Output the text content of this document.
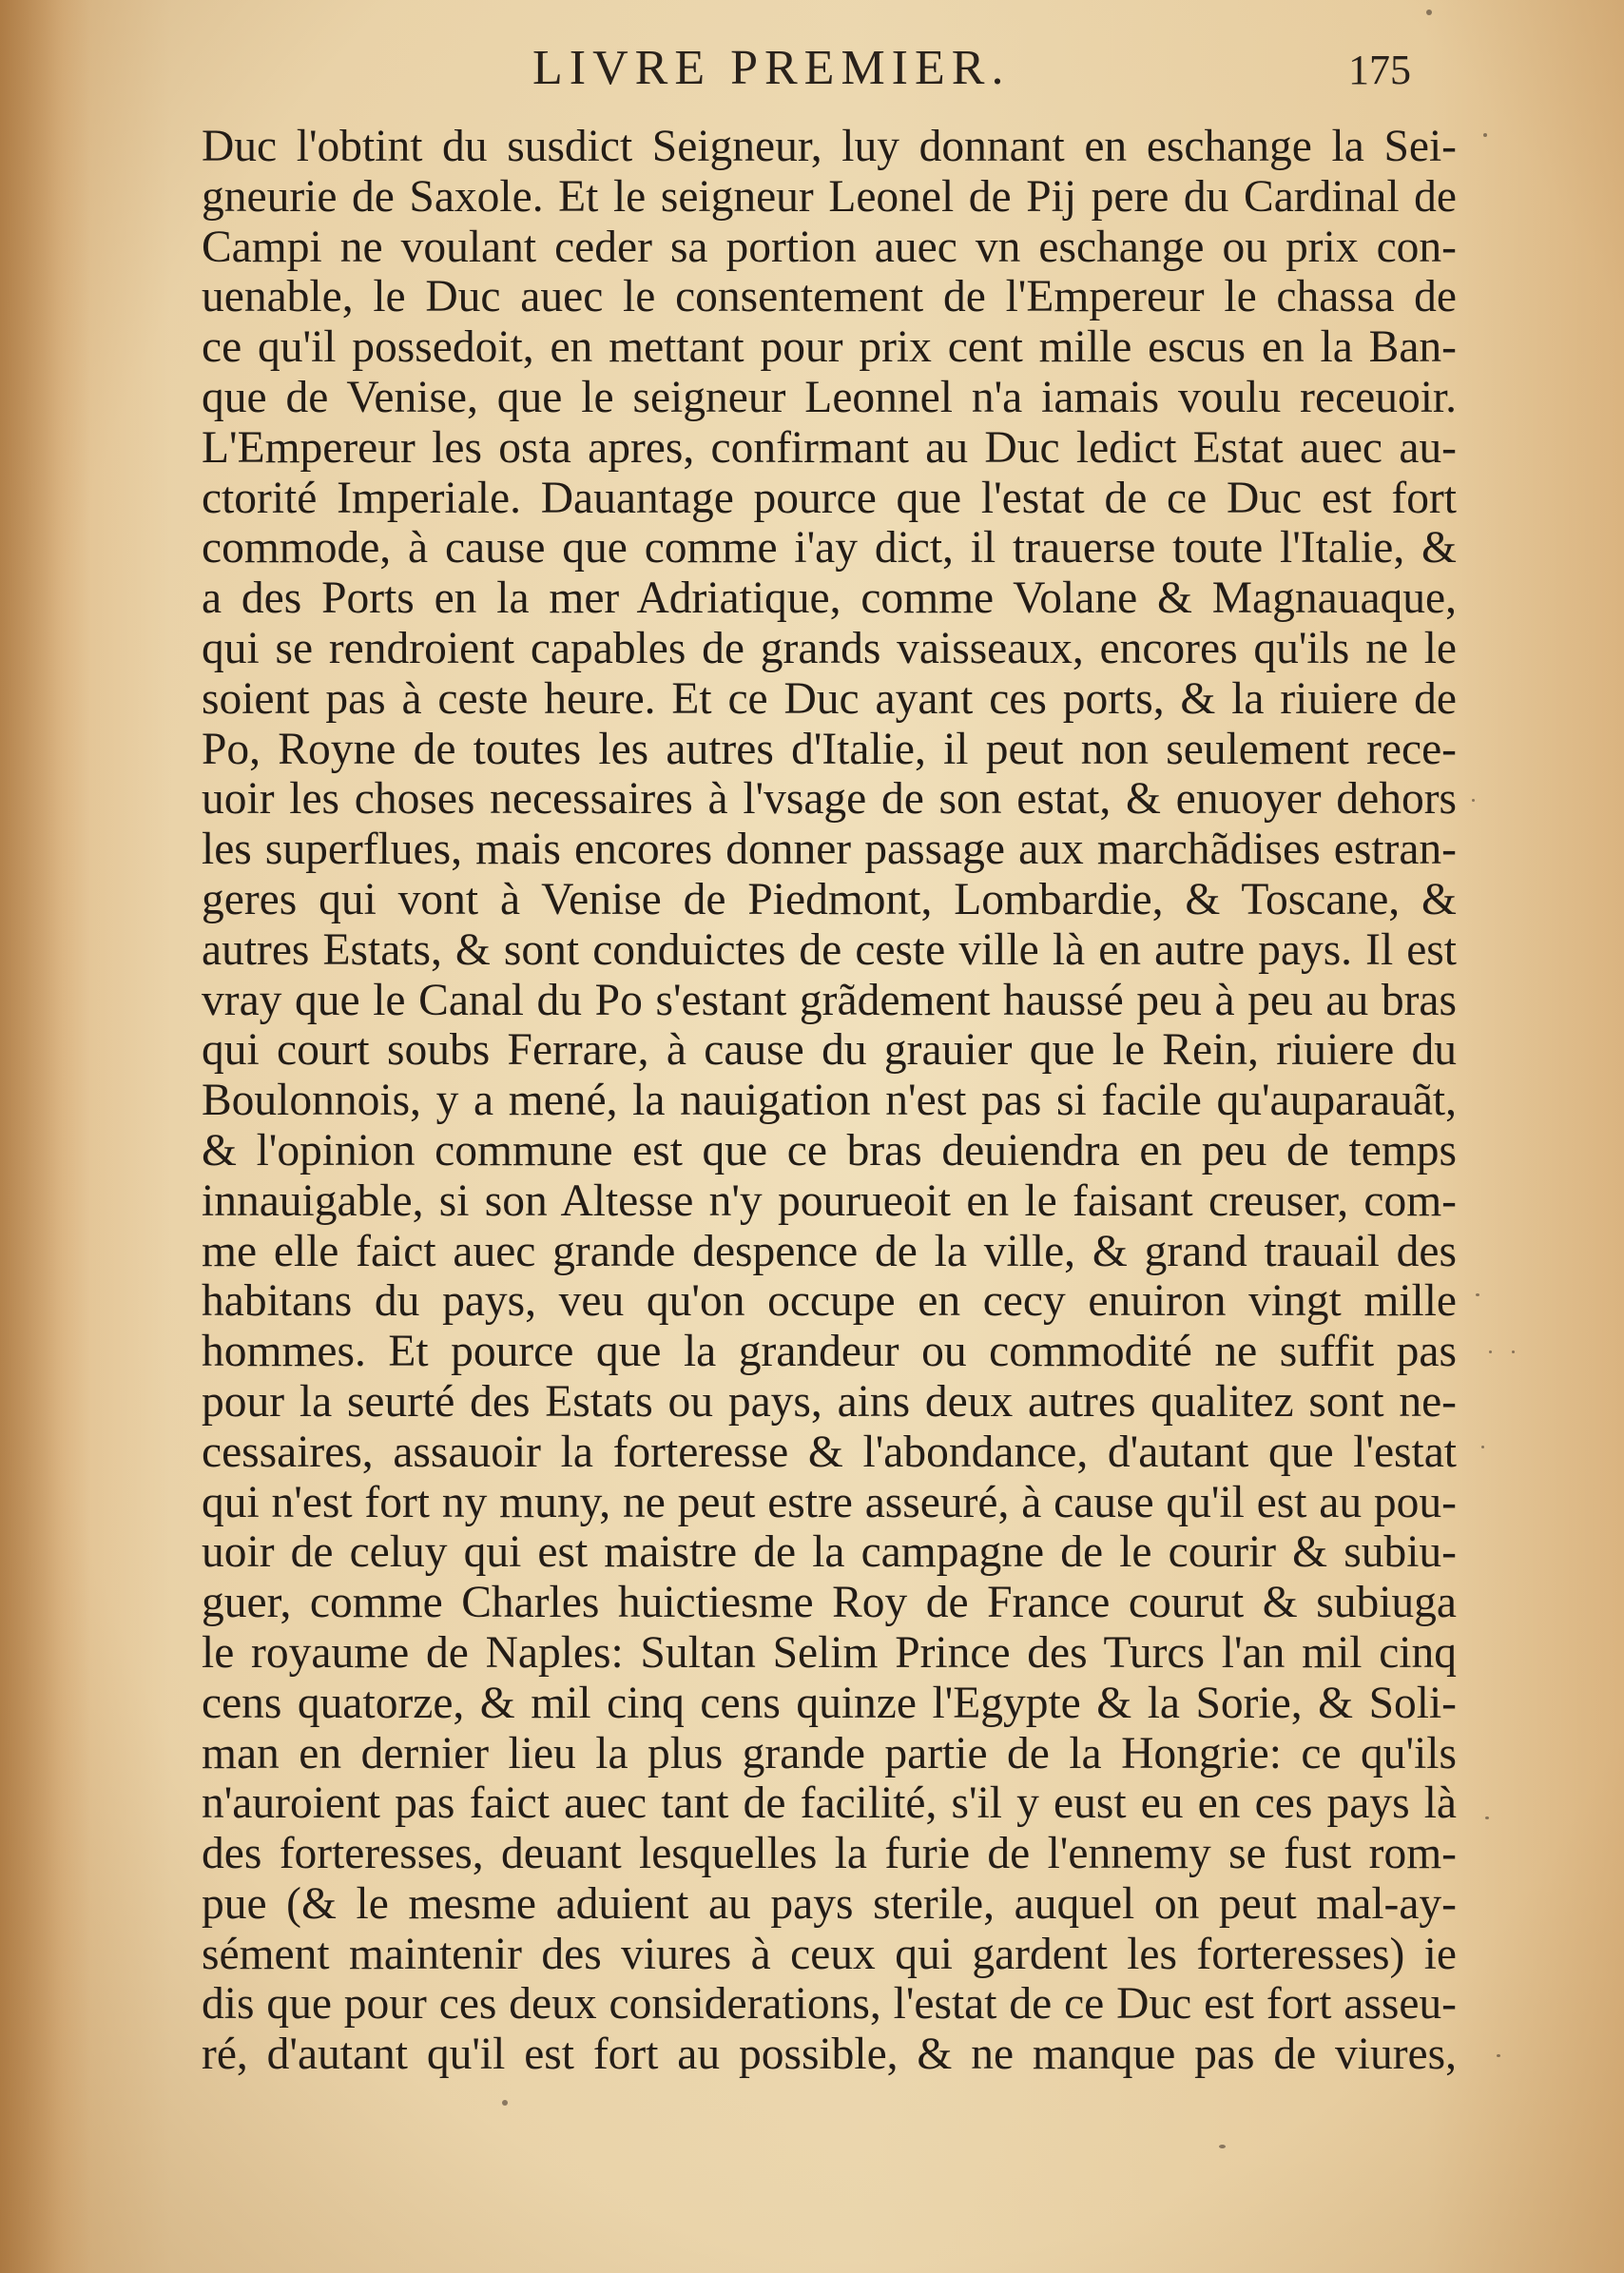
LIVRE PREMIER.	175
Duc l'obtint du susdict Seigneur, luy donnant en eschange la Sei-
gneurie de Saxole. Et le seigneur Leonel de Pij pere du Cardinal de
Campi ne voulant ceder sa portion auec vn eschange ou prix con-
uenable, le Duc auec le consentement de l'Empereur le chassa de
ce qu'il possedoit, en mettant pour prix cent mille escus en la Ban-
que de Venise, que le seigneur Leonnel n'a iamais voulu receuoir.
L'Empereur les osta apres, confirmant au Duc ledict Estat auec au-
ctorité Imperiale. Dauantage pource que l'estat de ce Duc est fort
commode, à cause que comme i'ay dict, il trauerse toute l'Italie, &
a des Ports en la mer Adriatique, comme Volane & Magnauaque,
qui se rendroient capables de grands vaisseaux, encores qu'ils ne le
soient pas à ceste heure. Et ce Duc ayant ces ports, & la riuiere de
Po, Royne de toutes les autres d'Italie, il peut non seulement rece-
uoir les choses necessaires à l'vsage de son estat, & enuoyer dehors
les superflues, mais encores donner passage aux marchãdises estran-
geres qui vont à Venise de Piedmont, Lombardie, & Toscane, &
autres Estats, & sont conduictes de ceste ville là en autre pays. Il est
vray que le Canal du Po s'estant grãdement haussé peu à peu au bras
qui court soubs Ferrare, à cause du grauier que le Rein, riuiere du
Boulonnois, y a mené, la nauigation n'est pas si facile qu'auparauãt,
& l'opinion commune est que ce bras deuiendra en peu de temps
innauigable, si son Altesse n'y pourueoit en le faisant creuser, com-
me elle faict auec grande despence de la ville, & grand trauail des
habitans du pays, veu qu'on occupe en cecy enuiron vingt mille
hommes. Et pource que la grandeur ou commodité ne suffit pas
pour la seurté des Estats ou pays, ains deux autres qualitez sont ne-
cessaires, assauoir la forteresse & l'abondance, d'autant que l'estat
qui n'est fort ny muny, ne peut estre asseuré, à cause qu'il est au pou-
uoir de celuy qui est maistre de la campagne de le courir & subiu-
guer, comme Charles huictiesme Roy de France courut & subiuga
le royaume de Naples: Sultan Selim Prince des Turcs l'an mil cinq
cens quatorze, & mil cinq cens quinze l'Egypte & la Sorie, & Soli-
man en dernier lieu la plus grande partie de la Hongrie: ce qu'ils
n'auroient pas faict auec tant de facilité, s'il y eust eu en ces pays là
des forteresses, deuant lesquelles la furie de l'ennemy se fust rom-
pue (& le mesme aduient au pays sterile, auquel on peut mal-ay-
sément maintenir des viures à ceux qui gardent les forteresses) ie
dis que pour ces deux considerations, l'estat de ce Duc est fort asseu-
ré, d'autant qu'il est fort au possible, & ne manque pas de viures,
